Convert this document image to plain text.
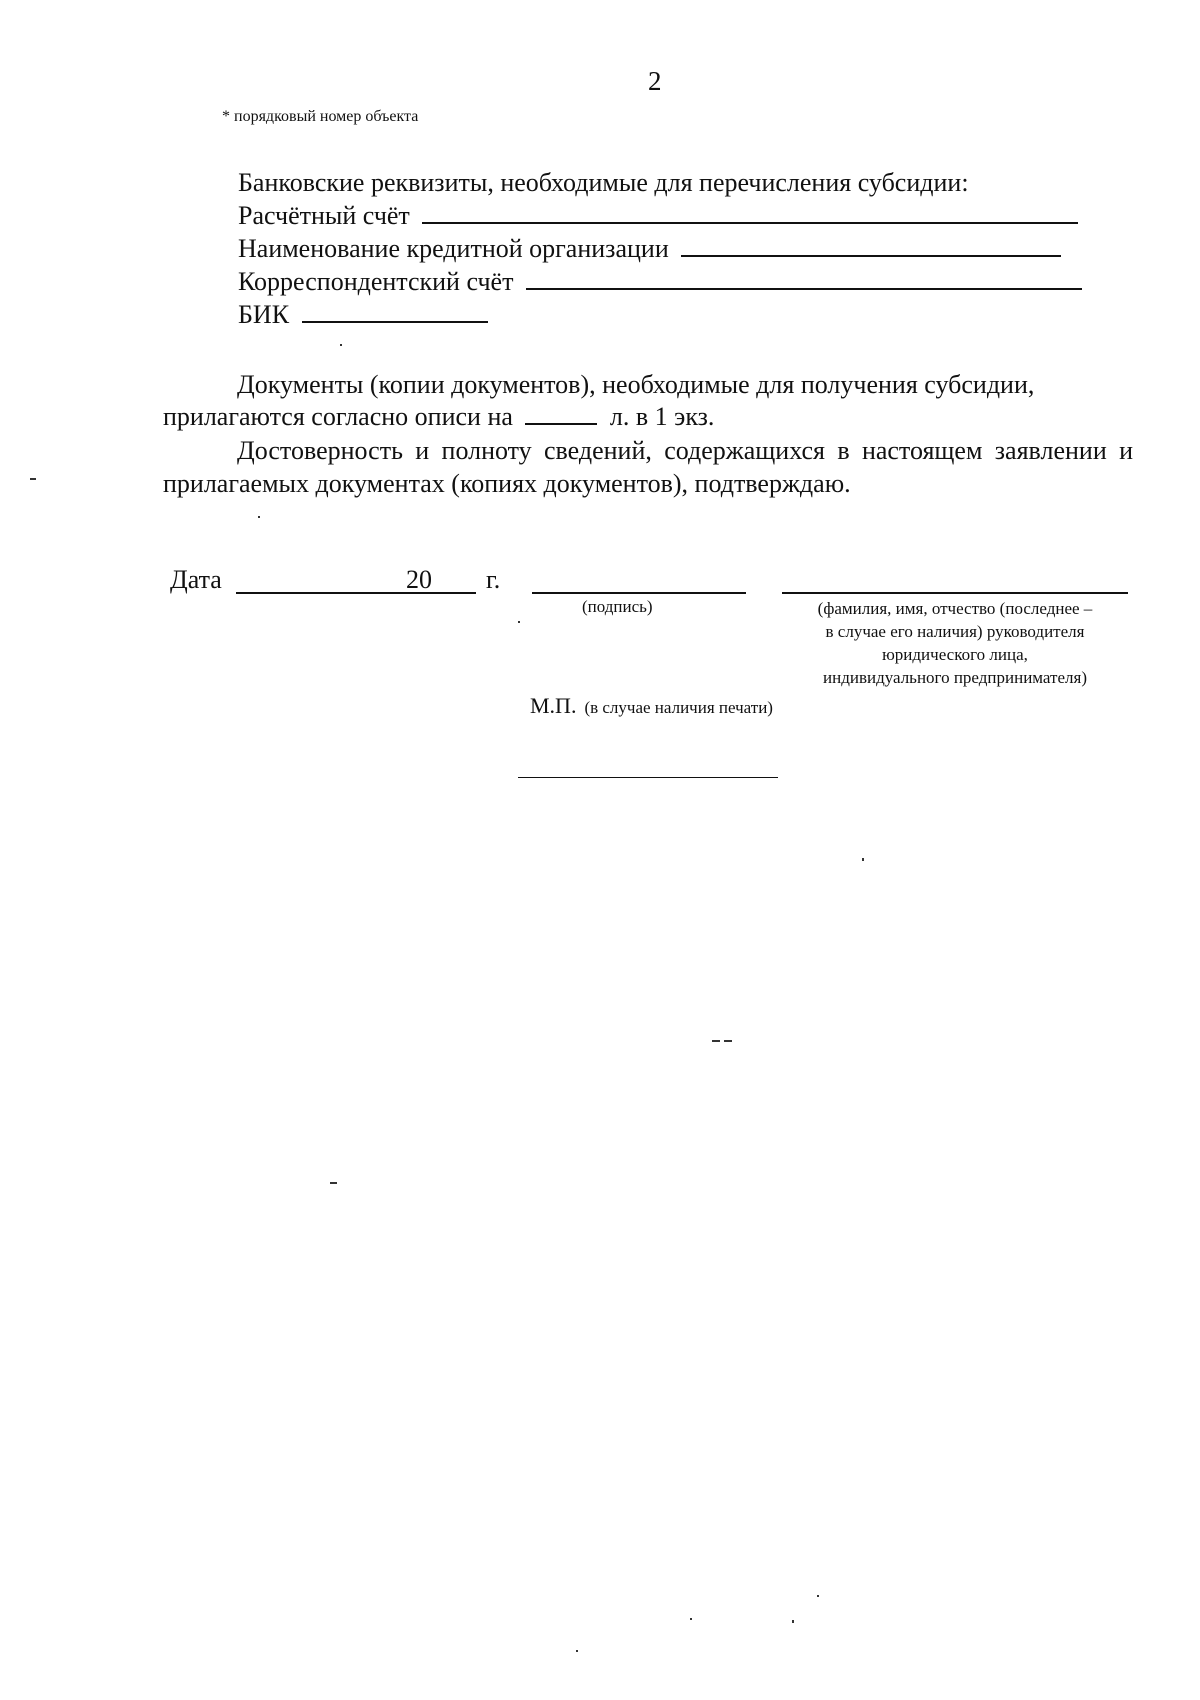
2
* порядковый номер объекта
Банковские реквизиты, необходимые для перечисления субсидии:
Расчётный счёт
Наименование кредитной организации
Корреспондентский счёт
БИК
Документы (копии документов), необходимые для получения субсидии,
прилагаются согласно описи на	л. в 1 экз.
Достоверность и полноту сведений, содержащихся в настоящем заявлении и прилагаемых документах (копиях документов), подтверждаю.
Дата	20 г.
(подпись)	(фамилия, имя, отчество (последнее –
в случае его наличия) руководителя
юридического лица,
индивидуального предпринимателя)
М.П. (в случае наличия печати)
